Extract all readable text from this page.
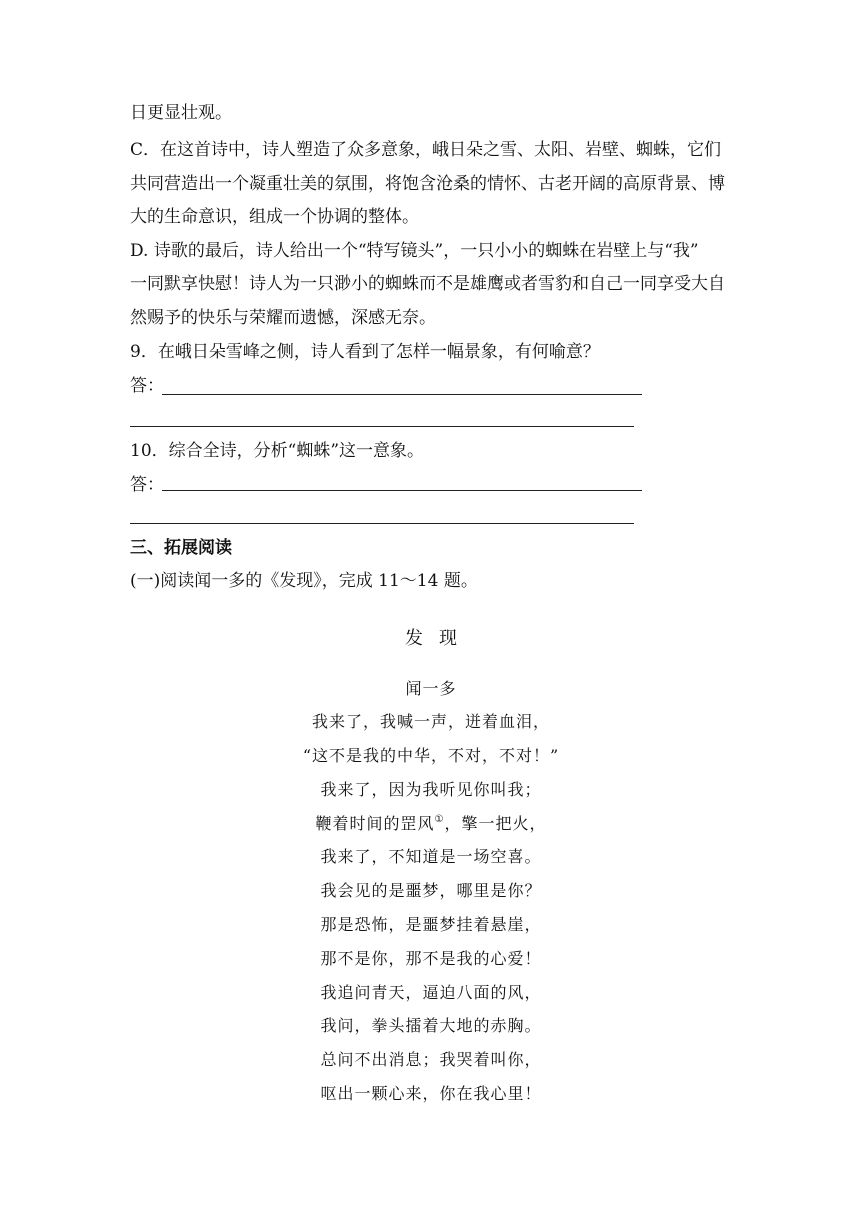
日更显壮观。
C．在这首诗中，诗人塑造了众多意象，峨日朵之雪、太阳、岩壁、蜘蛛，它们
共同营造出一个凝重壮美的氛围，将饱含沧桑的情怀、古老开阔的高原背景、博
大的生命意识，组成一个协调的整体。
D. 诗歌的最后，诗人给出一个“特写镜头”，一只小小的蜘蛛在岩壁上与“我”
一同默享快慰！诗人为一只渺小的蜘蛛而不是雄鹰或者雪豹和自己一同享受大自
然赐予的快乐与荣耀而遗憾，深感无奈。
9．在峨日朵雪峰之侧，诗人看到了怎样一幅景象，有何喻意？
答：
10．综合全诗，分析“蜘蛛”这一意象。
答：
三、拓展阅读
(一)阅读闻一多的《发现》，完成 11～14 题。
发现
闻一多
我来了，我喊一声，迸着血泪，
“这不是我的中华，不对，不对！”
我来了，因为我听见你叫我；
鞭着时间的罡风①，擎一把火，
我来了，不知道是一场空喜。
我会见的是噩梦，哪里是你？
那是恐怖，是噩梦挂着悬崖，
那不是你，那不是我的心爱！
我追问青天，逼迫八面的风，
我问，拳头擂着大地的赤胸。
总问不出消息；我哭着叫你，
呕出一颗心来，你在我心里！
